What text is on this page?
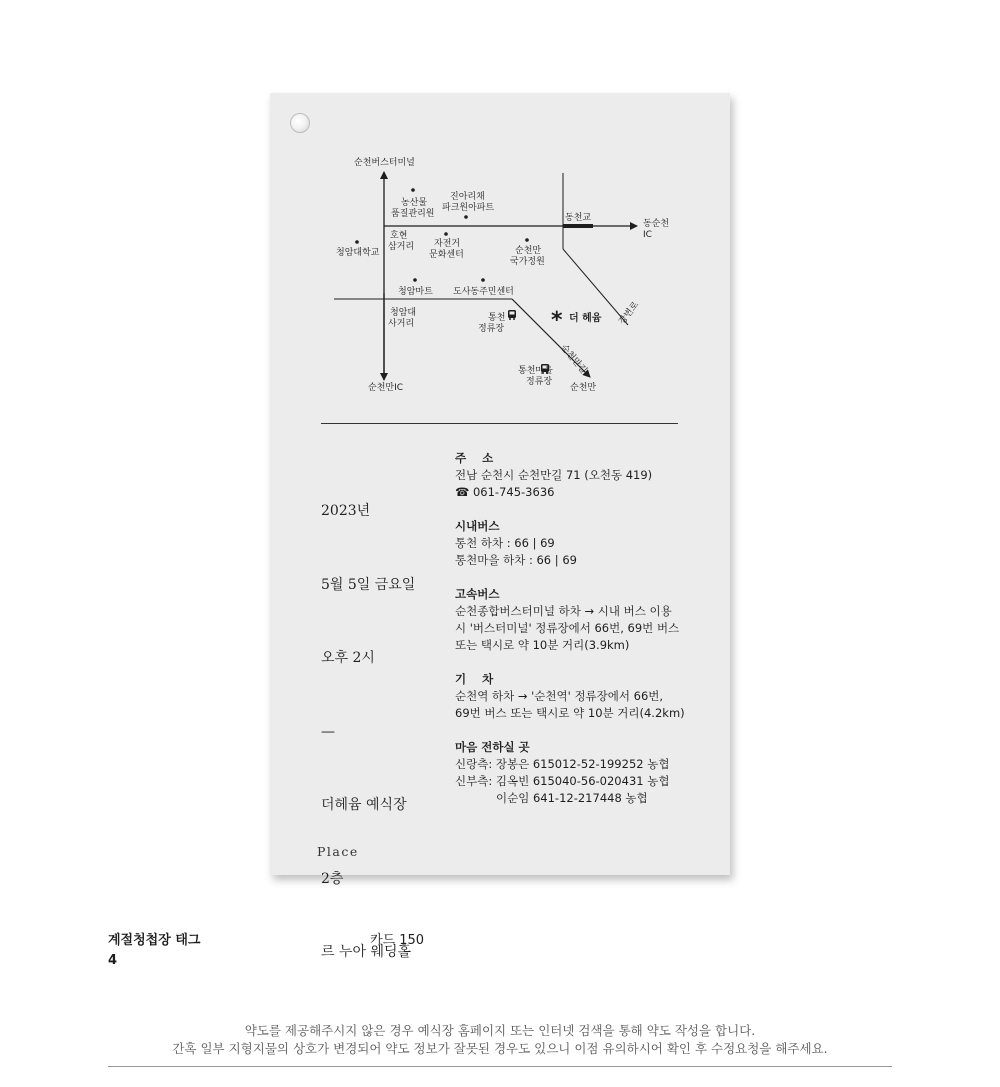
*
순천버스터미널
농산물
품질관리원
진아리채
파크원아파트
호현
삼거리
청암대학교
자전거
문화센터	순천만
국가정원
동천교
동순천
IC
청암마트 도사동주민센터
강변로
청암대
사거리
통천
정류장
더 헤윰
순천만길
통천마을
정류장
순천만IC	순천만

2023년

5월 5일 금요일

오후 2시

—

더헤윰 예식장

2층

르 누아 웨딩홀

주    소
전남 순천시 순천만길 71 (오천동 419)
☎ 061-745-3636
시내버스
통천 하차 : 66 | 69
통천마을 하차 : 66 | 69
고속버스
순천종합버스터미널 하차 → 시내 버스 이용
시 '버스터미널' 정류장에서 66번, 69번 버스
또는 택시로 약 10분 거리(3.9km)
기    차
순천역 하차 → '순천역' 정류장에서 66번,
69번 버스 또는 택시로 약 10분 거리(4.2km)
마음 전하실 곳
신랑측: 장봉은 615012-52-199252 농협
신부측: 김옥빈 615040-56-020431 농협
이순임 641-12-217448 농협
Place
계절청첩장 태그
4
카드 150
약도를 제공해주시지 않은 경우 예식장 홈페이지 또는 인터넷 검색을 통해 약도 작성을 합니다.
간혹 일부 지형지물의 상호가 변경되어 약도 정보가 잘못된 경우도 있으니 이점 유의하시어 확인 후 수정요청을 해주세요.
